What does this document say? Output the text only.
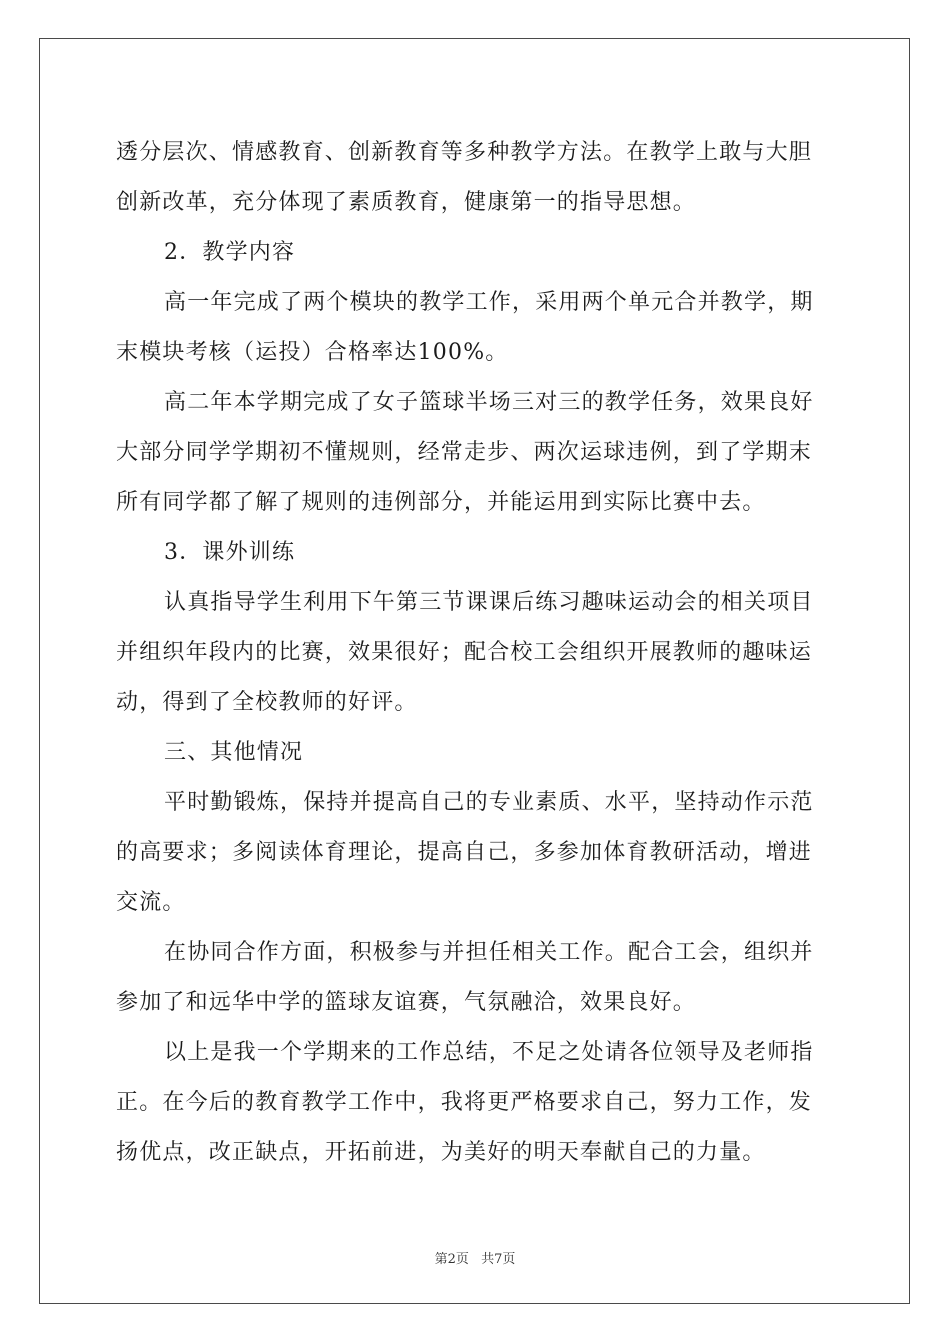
透分层次、情感教育、创新教育等多种教学方法。在教学上敢与大胆
创新改革，充分体现了素质教育，健康第一的指导思想。
2．教学内容
高一年完成了两个模块的教学工作，采用两个单元合并教学，期
末模块考核（运投）合格率达100%。
高二年本学期完成了女子篮球半场三对三的教学任务，效果良好
大部分同学学期初不懂规则，经常走步、两次运球违例，到了学期末
所有同学都了解了规则的违例部分，并能运用到实际比赛中去。
3．课外训练
认真指导学生利用下午第三节课课后练习趣味运动会的相关项目
并组织年段内的比赛，效果很好；配合校工会组织开展教师的趣味运
动，得到了全校教师的好评。
三、其他情况
平时勤锻炼，保持并提高自己的专业素质、水平，坚持动作示范
的高要求；多阅读体育理论，提高自己，多参加体育教研活动，增进
交流。
在协同合作方面，积极参与并担任相关工作。配合工会，组织并
参加了和远华中学的篮球友谊赛，气氛融洽，效果良好。
以上是我一个学期来的工作总结，不足之处请各位领导及老师指
正。在今后的教育教学工作中，我将更严格要求自己，努力工作，发
扬优点，改正缺点，开拓前进，为美好的明天奉献自己的力量。
第2页 共7页
